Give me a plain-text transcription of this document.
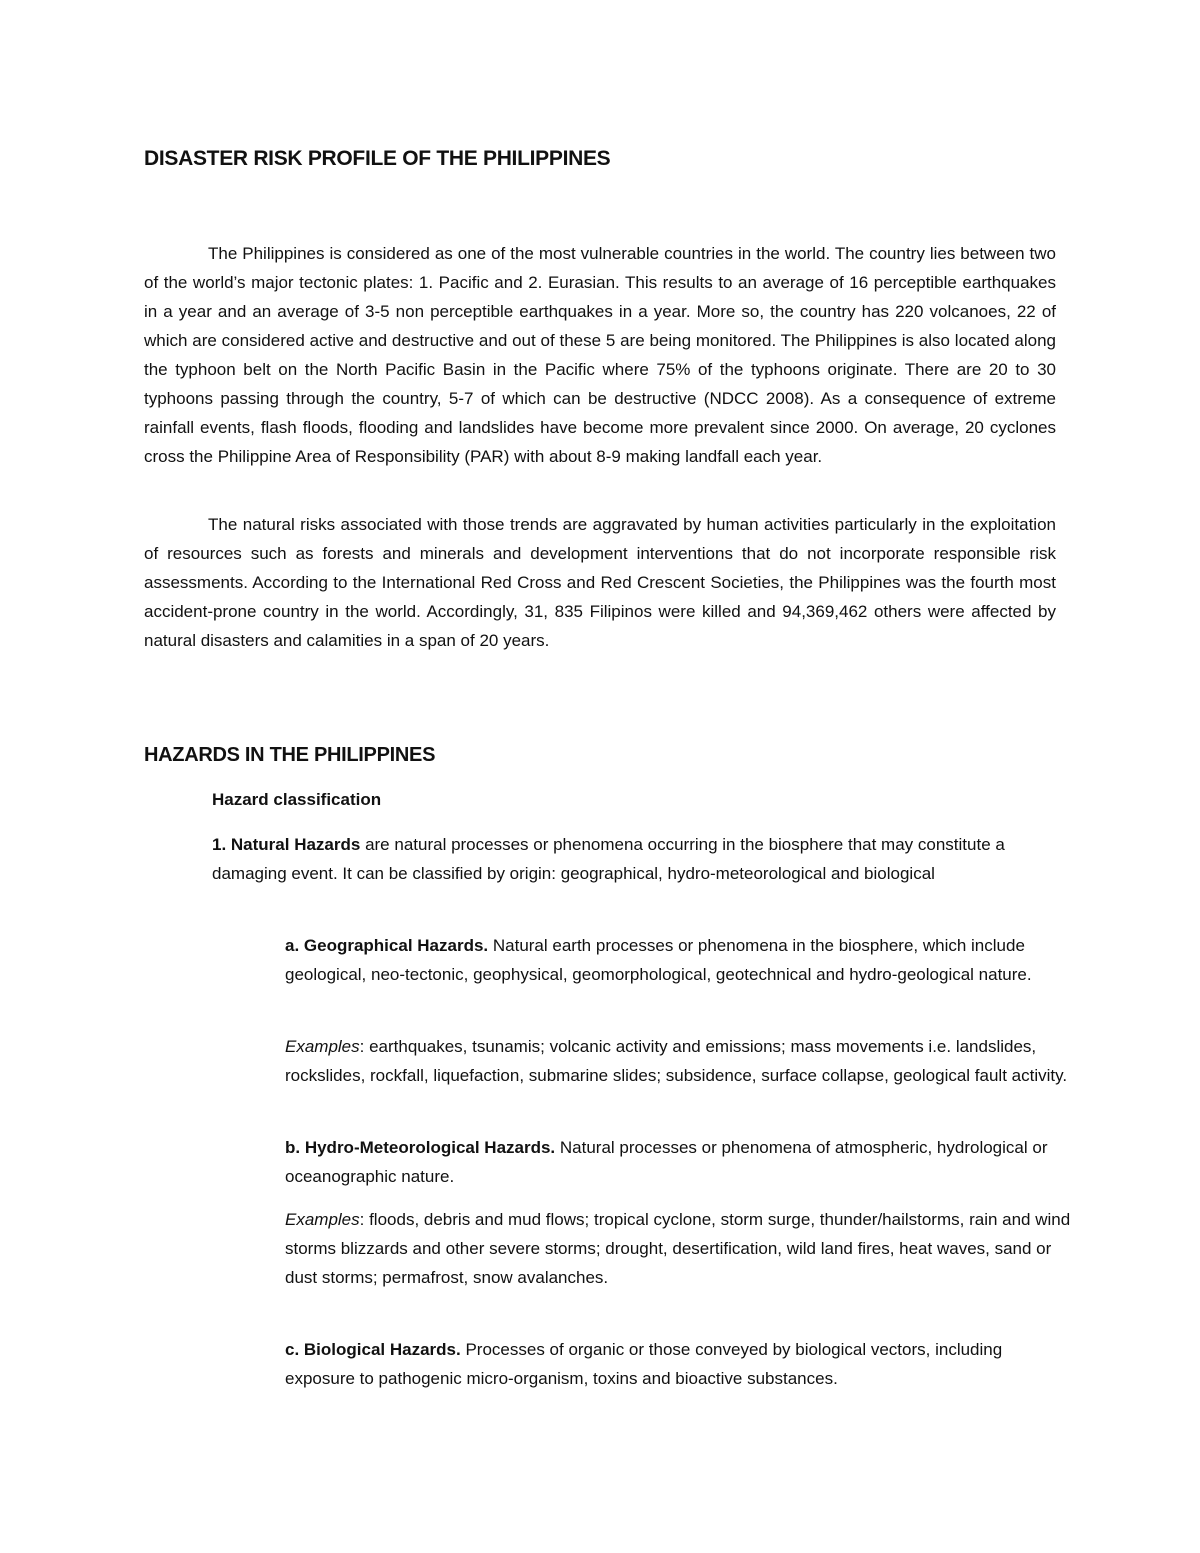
DISASTER RISK PROFILE OF THE PHILIPPINES

The Philippines is considered as one of the most vulnerable countries in the world. The country lies between two of the world’s major tectonic plates: 1. Pacific and 2. Eurasian. This results to an average of 16 perceptible earthquakes in a year and an average of 3-5 non perceptible earthquakes in a year. More so, the country has 220 volcanoes, 22 of which are considered active and destructive and out of these 5 are being monitored. The Philippines is also located along the typhoon belt on the North Pacific Basin in the Pacific where 75% of the typhoons originate. There are 20 to 30 typhoons passing through the country, 5-7 of which can be destructive (NDCC 2008). As a consequence of extreme rainfall events, flash floods, flooding and landslides have become more prevalent since 2000. On average, 20 cyclones cross the Philippine Area of Responsibility (PAR) with about 8-9 making landfall each year.

The natural risks associated with those trends are aggravated by human activities particularly in the exploitation of resources such as forests and minerals and development interventions that do not incorporate responsible risk assessments. According to the International Red Cross and Red Crescent Societies, the Philippines was the fourth most accident-prone country in the world. Accordingly, 31, 835 Filipinos were killed and 94,369,462 others were affected by natural disasters and calamities in a span of 20 years.

HAZARDS IN THE PHILIPPINES

Hazard classification

1. Natural Hazards are natural processes or phenomena occurring in the biosphere that may constitute a damaging event. It can be classified by origin: geographical, hydro-meteorological and biological

a. Geographical Hazards. Natural earth processes or phenomena in the biosphere, which include geological, neo-tectonic, geophysical, geomorphological, geotechnical and hydro-geological nature.

Examples: earthquakes, tsunamis; volcanic activity and emissions; mass movements i.e. landslides, rockslides, rockfall, liquefaction, submarine slides; subsidence, surface collapse, geological fault activity.

b. Hydro-Meteorological Hazards. Natural processes or phenomena of atmospheric, hydrological or oceanographic nature.

Examples: floods, debris and mud flows; tropical cyclone, storm surge, thunder/hailstorms, rain and wind storms blizzards and other severe storms; drought, desertification, wild land fires, heat waves, sand or dust storms; permafrost, snow avalanches.

c. Biological Hazards. Processes of organic or those conveyed by biological vectors, including exposure to pathogenic micro-organism, toxins and bioactive substances.
